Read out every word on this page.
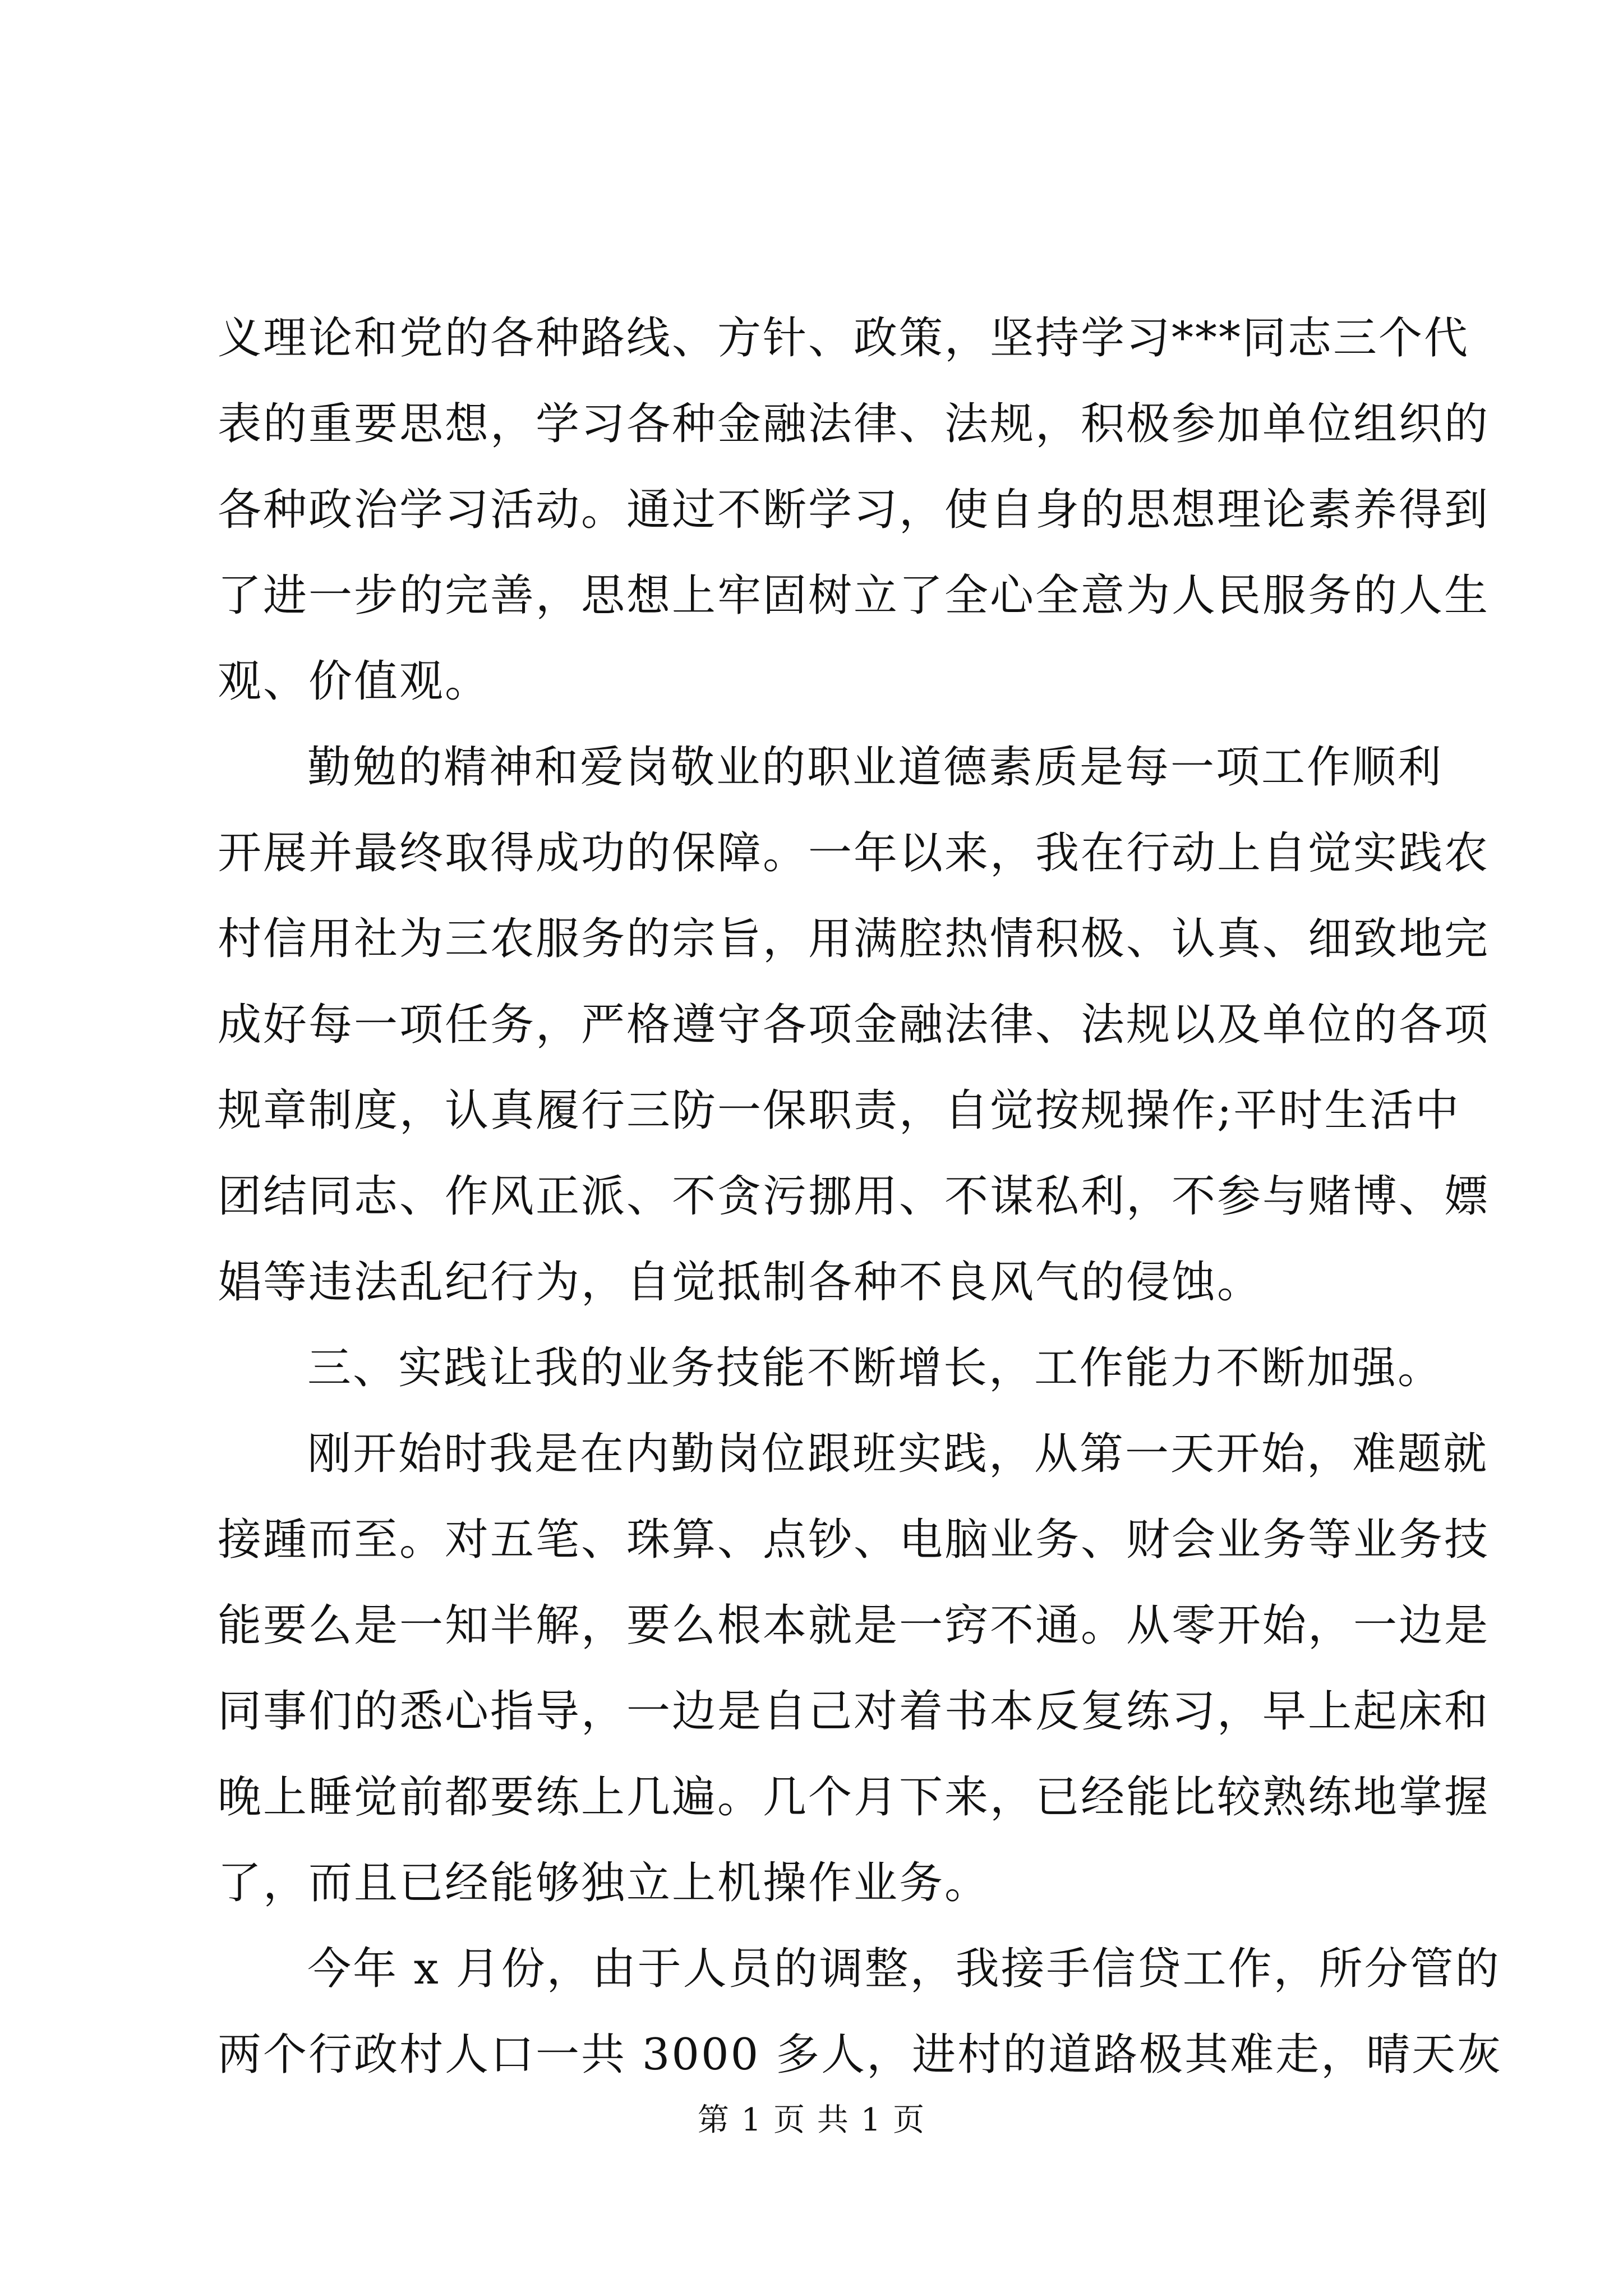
义理论和党的各种路线、方针、政策，坚持学习***同志三个代
表的重要思想，学习各种金融法律、法规，积极参加单位组织的
各种政治学习活动。通过不断学习，使自身的思想理论素养得到
了进一步的完善，思想上牢固树立了全心全意为人民服务的人生
观、价值观。
勤勉的精神和爱岗敬业的职业道德素质是每一项工作顺利
开展并最终取得成功的保障。一年以来，我在行动上自觉实践农
村信用社为三农服务的宗旨，用满腔热情积极、认真、细致地完
成好每一项任务，严格遵守各项金融法律、法规以及单位的各项
规章制度，认真履行三防一保职责，自觉按规操作;平时生活中
团结同志、作风正派、不贪污挪用、不谋私利，不参与赌博、嫖
娼等违法乱纪行为，自觉抵制各种不良风气的侵蚀。
三、实践让我的业务技能不断增长，工作能力不断加强。
刚开始时我是在内勤岗位跟班实践，从第一天开始，难题就
接踵而至。对五笔、珠算、点钞、电脑业务、财会业务等业务技
能要么是一知半解，要么根本就是一窍不通。从零开始，一边是
同事们的悉心指导，一边是自己对着书本反复练习，早上起床和
晚上睡觉前都要练上几遍。几个月下来，已经能比较熟练地掌握
了，而且已经能够独立上机操作业务。
今年 x 月份，由于人员的调整，我接手信贷工作，所分管的
两个行政村人口一共 3000 多人，进村的道路极其难走，晴天灰
第 1 页 共 1 页
